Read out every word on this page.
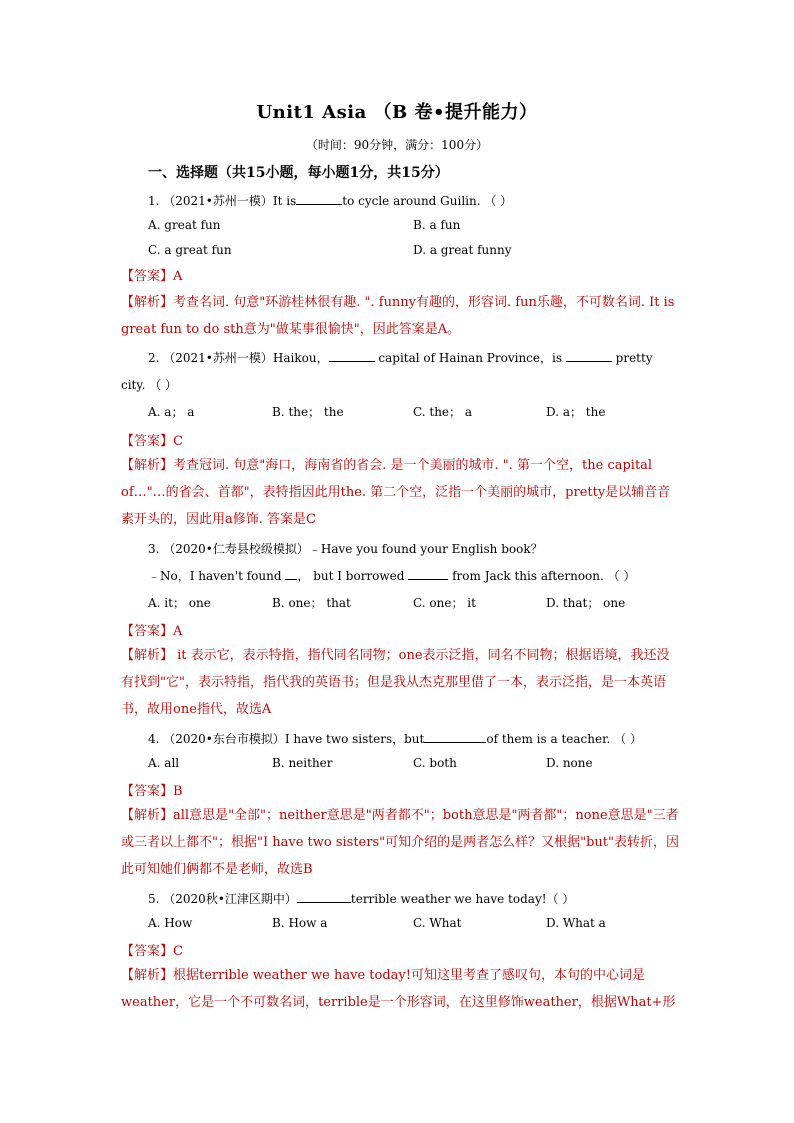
Unit1 Asia （B 卷•提升能力）
（时间：90分钟，满分：100分）
一、选择题（共15小题，每小题1分，共15分）
1. （2021•苏州一模）It is	to cycle around Guilin. （ ）
A. great fun	B. a fun
C. a great fun	D. a great funny
【答案】A
【解析】考查名词. 句意"环游桂林很有趣. ". funny有趣的，形容词. fun乐趣，不可数名词. It is great fun to do sth意为"做某事很愉快"，因此答案是A。
2. （2021•苏州一模）Haikou，	capital of Hainan Province，is	pretty
city. （ ）
A. a； a	B. the； the	C. the； a	D. a； the
【答案】C
【解析】考查冠词. 句意"海口，海南省的省会. 是一个美丽的城市. ". 第一个空，the capital of…"…的省会、首都"，表特指因此用the. 第二个空，泛指一个美丽的城市，pretty是以辅音音素开头的，因此用a修饰. 答案是C
3. （2020•仁寿县校级模拟）﹣Have you found your English book？
﹣No，I haven't found ， but I borrowed	from Jack this afternoon. （ ）
A. it； one	B. one； that	C. one； it	D. that； one
【答案】A
【解析】 it 表示它，表示特指，指代同名同物；one表示泛指，同名不同物；根据语境，我还没有找到"它"，表示特指，指代我的英语书；但是我从杰克那里借了一本，表示泛指，是一本英语书，故用one指代，故选A
4. （2020•东台市模拟）I have two sisters，but	of them is a teacher. （ ）
A. all	B. neither	C. both	D. none
【答案】B
【解析】all意思是"全部"；neither意思是"两者都不"；both意思是"两者都"；none意思是"三者或三者以上都不"；根据"I have two sisters"可知介绍的是两者怎么样？又根据"but"表转折，因此可知她们俩都不是老师，故选B
5. （2020秋•江津区期中）	terrible weather we have today!（ ）
A. How	B. How a	C. What	D. What a
【答案】C
【解析】根据terrible weather we have today!可知这里考查了感叹句，本句的中心词是weather，它是一个不可数名词，terrible是一个形容词，在这里修饰weather，根据What+形
